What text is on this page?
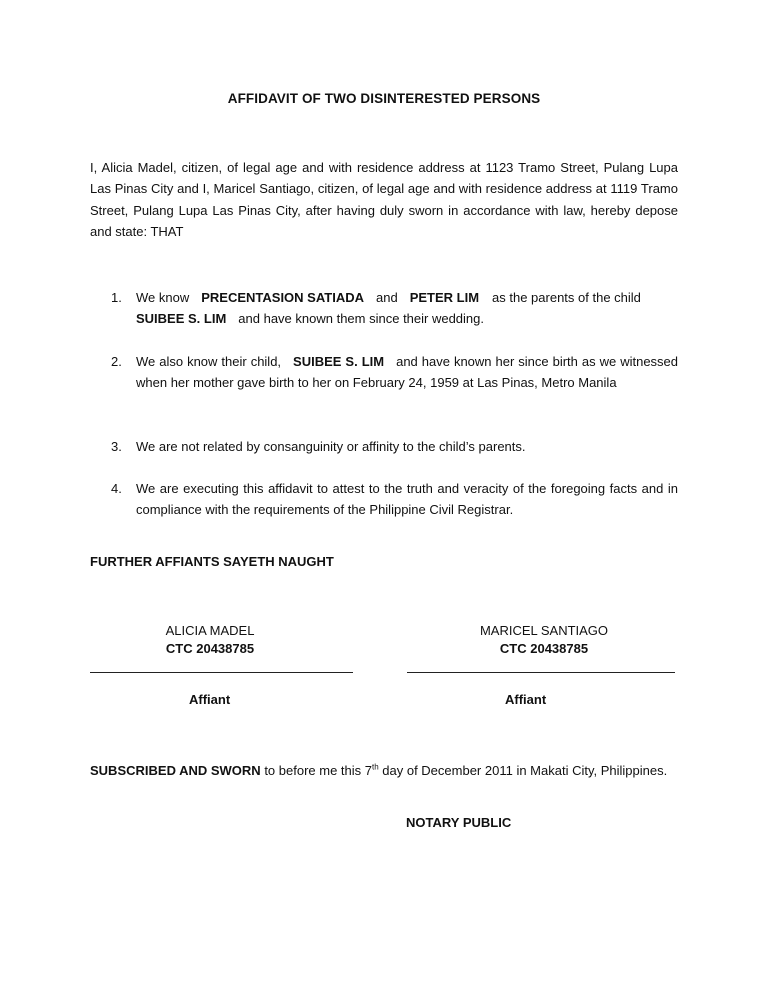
AFFIDAVIT OF TWO DISINTERESTED PERSONS
I, Alicia Madel, citizen, of legal age and with residence address at 1123 Tramo Street, Pulang Lupa Las Pinas City and I, Maricel Santiago, citizen, of legal age and with residence address at 1119 Tramo Street, Pulang Lupa Las Pinas City, after having duly sworn in accordance with law, hereby depose and state: THAT
1.	We know PRECENTASION SATIADA and PETER LIM as the parents of the child
SUIBEE S. LIM and have known them since their wedding.
2.	We also know their child, SUIBEE S. LIM and have known her since birth as we witnessed when her mother gave birth to her on February 24, 1959 at Las Pinas, Metro Manila
3.	We are not related by consanguinity or affinity to the child’s parents.
4.	We are executing this affidavit to attest to the truth and veracity of the foregoing facts and in compliance with the requirements of the Philippine Civil Registrar.
FURTHER AFFIANTS SAYETH NAUGHT
ALICIA MADEL
CTC 20438785
Affiant
MARICEL SANTIAGO
CTC 20438785
Affiant
SUBSCRIBED AND SWORN to before me this 7th day of December 2011 in Makati City, Philippines.
NOTARY PUBLIC
